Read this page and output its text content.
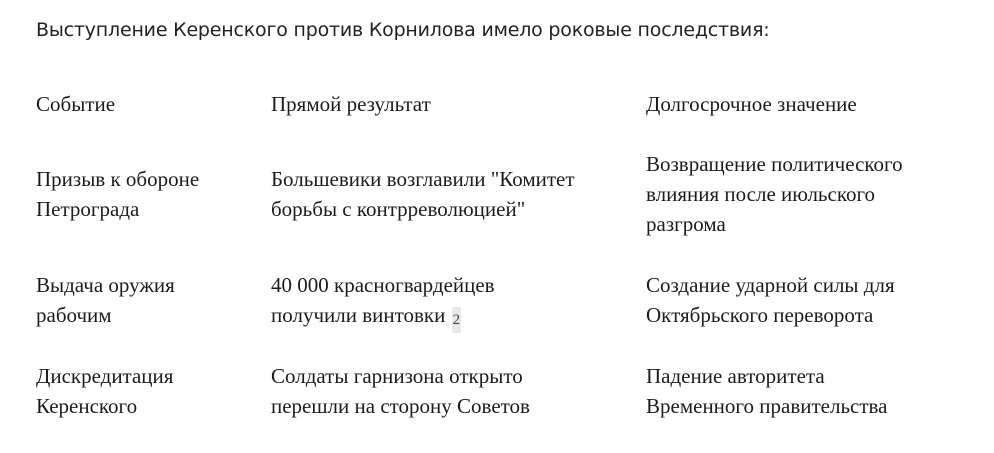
Выступление Керенского против Корнилова имело роковые последствия:
Событие	Прямой результат	Долгосрочное значение
Призыв к обороне
Петрограда
Большевики возглавили "Комитет
борьбы с контрреволюцией"
Возвращение политического
влияния после июльского
разгрома
Выдача оружия
рабочим
40 000 красногвардейцев
получили винтовки 2
Создание ударной силы для
Октябрьского переворота
Дискредитация
Керенского
Солдаты гарнизона открыто
перешли на сторону Советов
Падение авторитета
Временного правительства
